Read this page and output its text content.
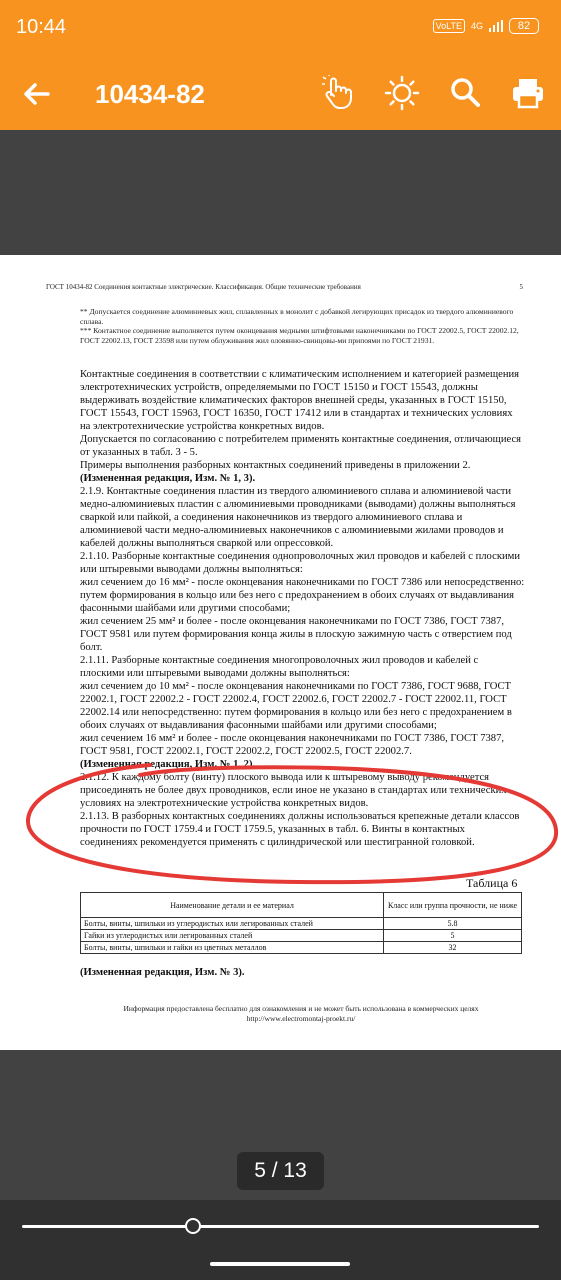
10:44	VoLTE	4G	82
10434-82
ГОСТ 10434-82 Соединения контактные электрические. Классификация. Общие технические требования	5
** Допускается соединение алюминиевых жил, сплавленных в монолит с добавкой легирующих присадок из твердого алюминиевого сплава.
*** Контактное соединение выполняется путем оконцевания медными штифтовыми наконечниками по ГОСТ 22002.5, ГОСТ 22002.12, ГОСТ 22002.13, ГОСТ 23598 или путем облуживания жил оловянно-свинцовы-ми припоями по ГОСТ 21931.

Контактные соединения в соответствии с климатическим исполнением и категорией размещения электротехнических устройств, определяемыми по ГОСТ 15150 и ГОСТ 15543, должны выдерживать воздействие климатических факторов внешней среды, указанных в ГОСТ 15150, ГОСТ 15543, ГОСТ 15963, ГОСТ 16350, ГОСТ 17412 или в стандартах и технических условиях на электротехнические устройства конкретных видов.

Допускается по согласованию с потребителем применять контактные соединения, отличающиеся от указанных в табл. 3 - 5.

Примеры выполнения разборных контактных соединений приведены в приложении 2.

(Измененная редакция, Изм. № 1, 3).

2.1.9. Контактные соединения пластин из твердого алюминиевого сплава и алюминиевой части медно-алюминиевых пластин с алюминиевыми проводниками (выводами) должны выполняться сваркой или пайкой, а соединения наконечников из твердого алюминиевого сплава и алюминиевой части медно-алюминиевых наконечников с алюминиевыми жилами проводов и кабелей должны выполняться сваркой или опрессовкой.

2.1.10. Разборные контактные соединения однопроволочных жил проводов и кабелей с плоскими или штыревыми выводами должны выполняться:

жил сечением до 16 мм² - после оконцевания наконечниками по ГОСТ 7386 или непосредственно: путем формирования в кольцо или без него с предохранением в обоих случаях от выдавливания фасонными шайбами или другими способами;

жил сечением 25 мм² и более - после оконцевания наконечниками по ГОСТ 7386, ГОСТ 7387, ГОСТ 9581 или путем формирования конца жилы в плоскую зажимную часть с отверстием под болт.

2.1.11. Разборные контактные соединения многопроволочных жил проводов и кабелей с плоскими или штыревыми выводами должны выполняться:

жил сечением до 10 мм² - после оконцевания наконечниками по ГОСТ 7386, ГОСТ 9688, ГОСТ 22002.1, ГОСТ 22002.2 - ГОСТ 22002.4, ГОСТ 22002.6, ГОСТ 22002.7 - ГОСТ 22002.11, ГОСТ 22002.14 или непосредственно: путем формирования в кольцо или без него с предохранением в обоих случаях от выдавливания фасонными шайбами или другими способами;

жил сечением 16 мм² и более - после оконцевания наконечниками по ГОСТ 7386, ГОСТ 7387, ГОСТ 9581, ГОСТ 22002.1, ГОСТ 22002.2, ГОСТ 22002.5, ГОСТ 22002.7.

(Измененная редакция, Изм. № 1, 2).

2.1.12. К каждому болту (винту) плоского вывода или к штыревому выводу рекомендуется присоединять не более двух проводников, если иное не указано в стандартах или технических условиях на электротехнические устройства конкретных видов.

2.1.13. В разборных контактных соединениях должны использоваться крепежные детали классов прочности по ГОСТ 1759.4 и ГОСТ 1759.5, указанных в табл. 6. Винты в контактных соединениях рекомендуется применять с цилиндрической или шестигранной головкой.

Таблица 6
Наименование детали и ее материал	Класс или группа прочности, не ниже
Болты, винты, шпильки из углеродистых или легированных сталей	5.8
Гайки из углеродистых или легированных сталей	5
Болты, винты, шпильки и гайки из цветных металлов	32
(Измененная редакция, Изм. № 3).
Информация предоставлена бесплатно для ознакомления и не может быть использована в коммерческих целях
http://www.electromontaj-proekt.ru/
5 / 13
